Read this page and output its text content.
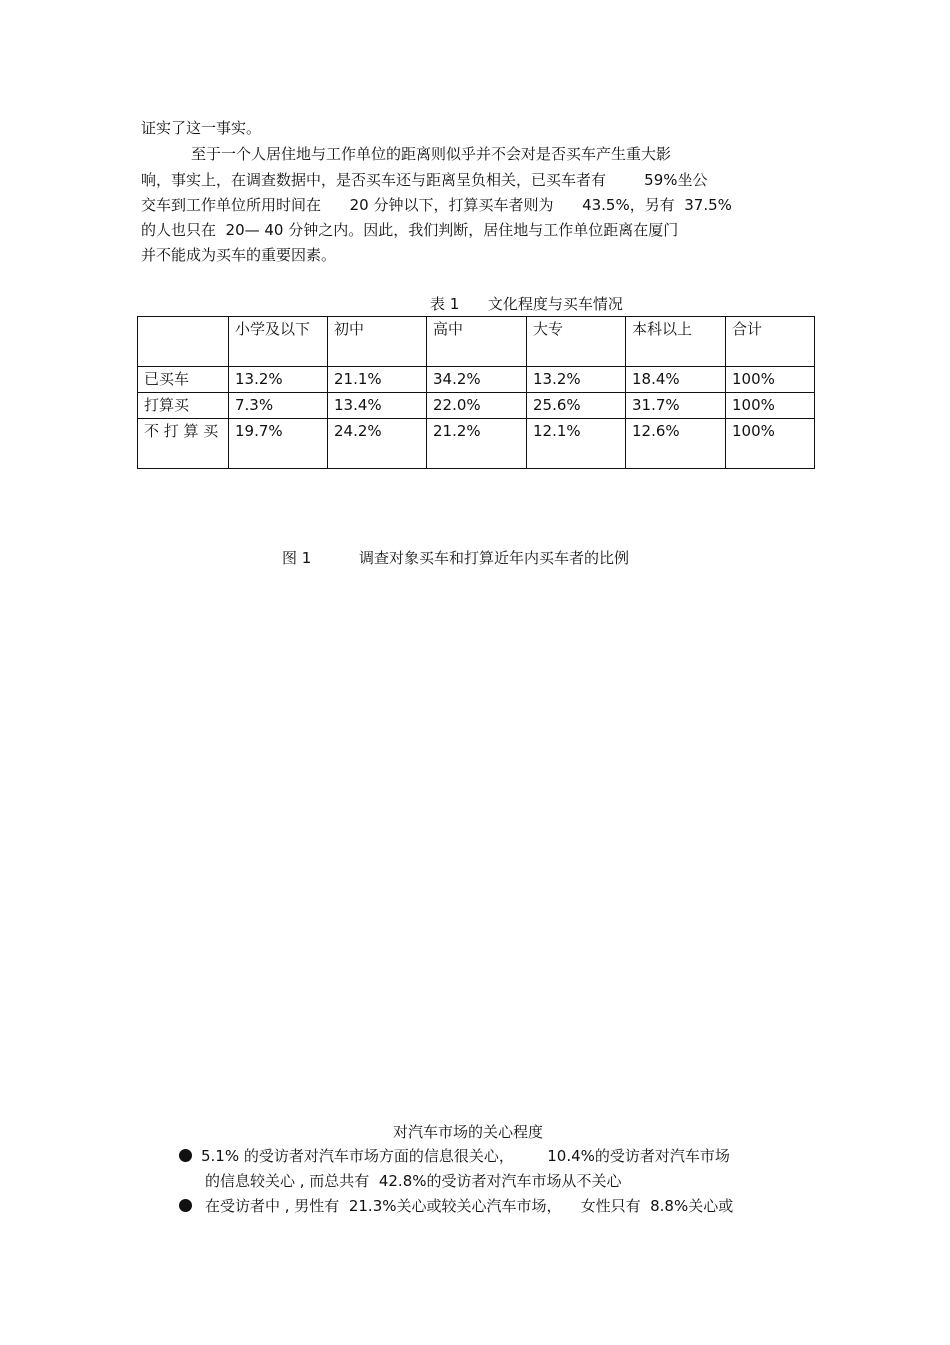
证实了这一事实。
至于一个人居住地与工作单位的距离则似乎并不会对是否买车产生重大影
响，事实上，在调查数据中，是否买车还与距离呈负相关，已买车者有        59%坐公
交车到工作单位所用时间在      20 分钟以下，打算买车者则为      43.5%，另有  37.5%
的人也只在  20— 40 分钟之内。因此，我们判断，居住地与工作单位距离在厦门
并不能成为买车的重要因素。
表 1      文化程度与买车情况
	小学及以下	初中	高中	大专	本科以上	合计
已买车	13.2%	21.1%	34.2%	13.2%	18.4%	100%
打算买	7.3%	13.4%	22.0%	25.6%	31.7%	100%
不 打 算 买	19.7%	24.2%	21.2%	12.1%	12.6%	100%
图 1          调查对象买车和打算近年内买车者的比例
对汽车市场的关心程度
5.1% 的受访者对汽车市场方面的信息很关心，       10.4%的受访者对汽车市场
的信息较关心 , 而总共有  42.8%的受访者对汽车市场从不关心
在受访者中 , 男性有  21.3%关心或较关心汽车市场，    女性只有  8.8%关心或
